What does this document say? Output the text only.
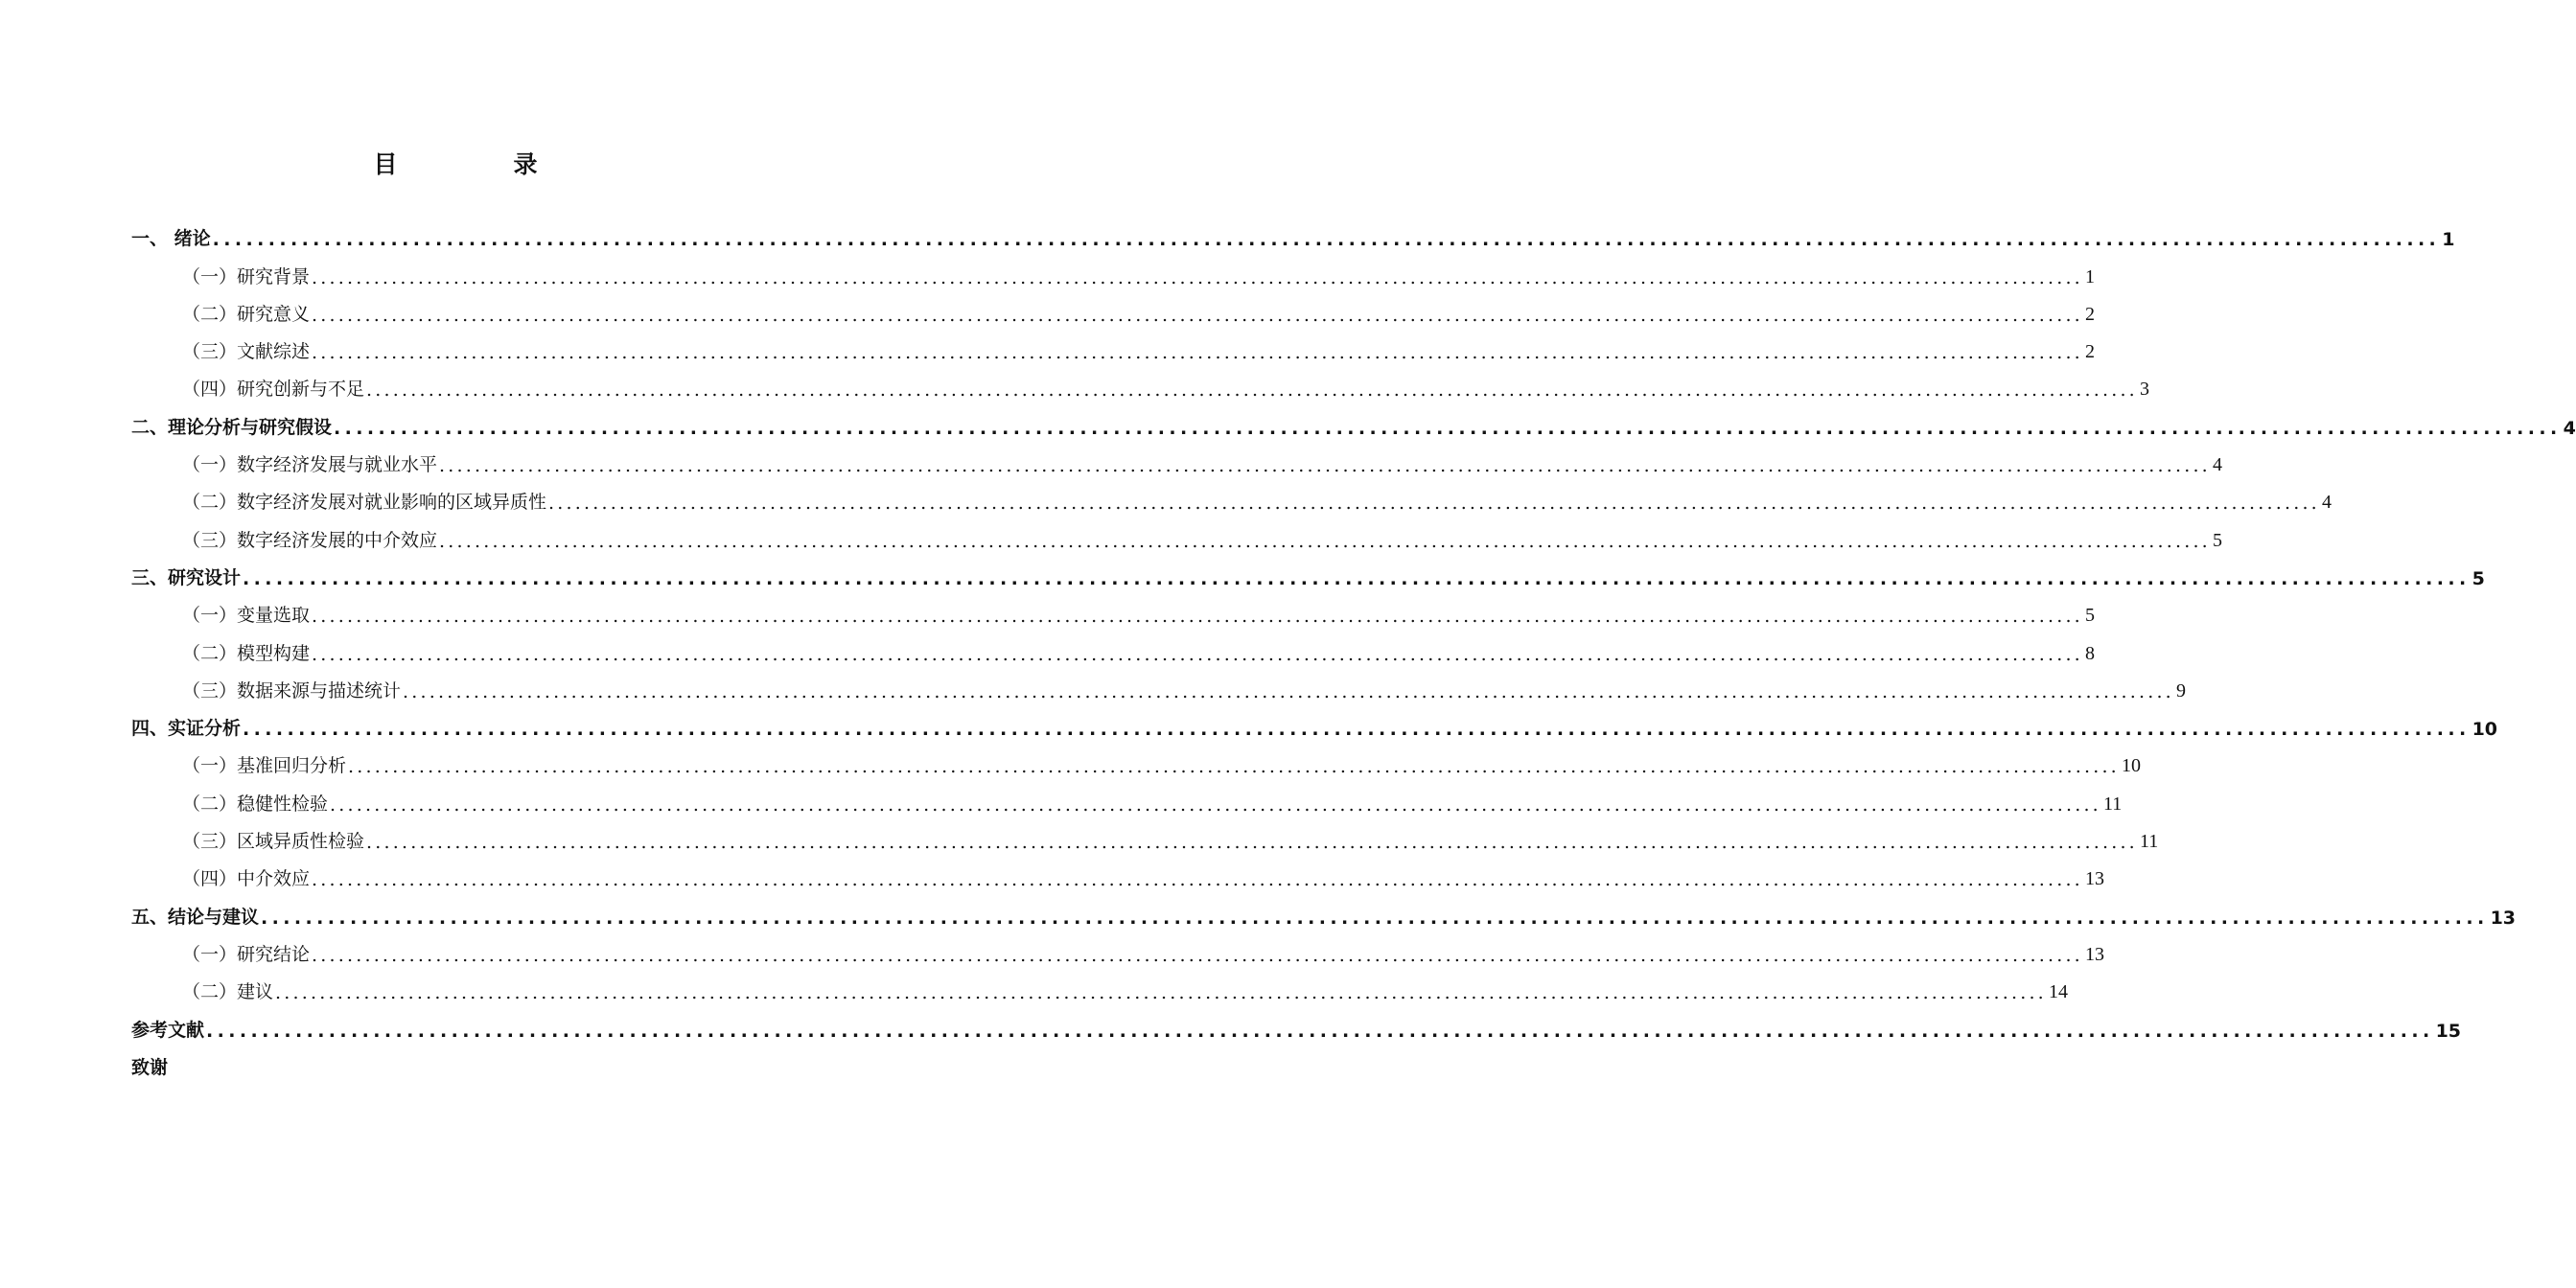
目　录
一、 绪论 ........................................................................................................................................................................................................ 1
（一）研究背景 ........................................................................................................................................................................................................ 1
（二）研究意义 ........................................................................................................................................................................................................ 2
（三）文献综述 ........................................................................................................................................................................................................ 2
（四）研究创新与不足 ........................................................................................................................................................................................................ 3
二、理论分析与研究假设 ........................................................................................................................................................................................................ 4
（一）数字经济发展与就业水平 ........................................................................................................................................................................................................ 4
（二）数字经济发展对就业影响的区域异质性 ........................................................................................................................................................................................................ 4
（三）数字经济发展的中介效应 ........................................................................................................................................................................................................ 5
三、研究设计 ........................................................................................................................................................................................................ 5
（一）变量选取 ........................................................................................................................................................................................................ 5
（二）模型构建 ........................................................................................................................................................................................................ 8
（三）数据来源与描述统计 ........................................................................................................................................................................................................ 9
四、实证分析 ........................................................................................................................................................................................................ 10
（一）基准回归分析 ........................................................................................................................................................................................................ 10
（二）稳健性检验 ........................................................................................................................................................................................................ 11
（三）区域异质性检验 ........................................................................................................................................................................................................ 11
（四）中介效应 ........................................................................................................................................................................................................ 13
五、结论与建议 ........................................................................................................................................................................................................ 13
（一）研究结论 ........................................................................................................................................................................................................ 13
（二）建议 ........................................................................................................................................................................................................ 14
参考文献 ........................................................................................................................................................................................................ 15
致谢
